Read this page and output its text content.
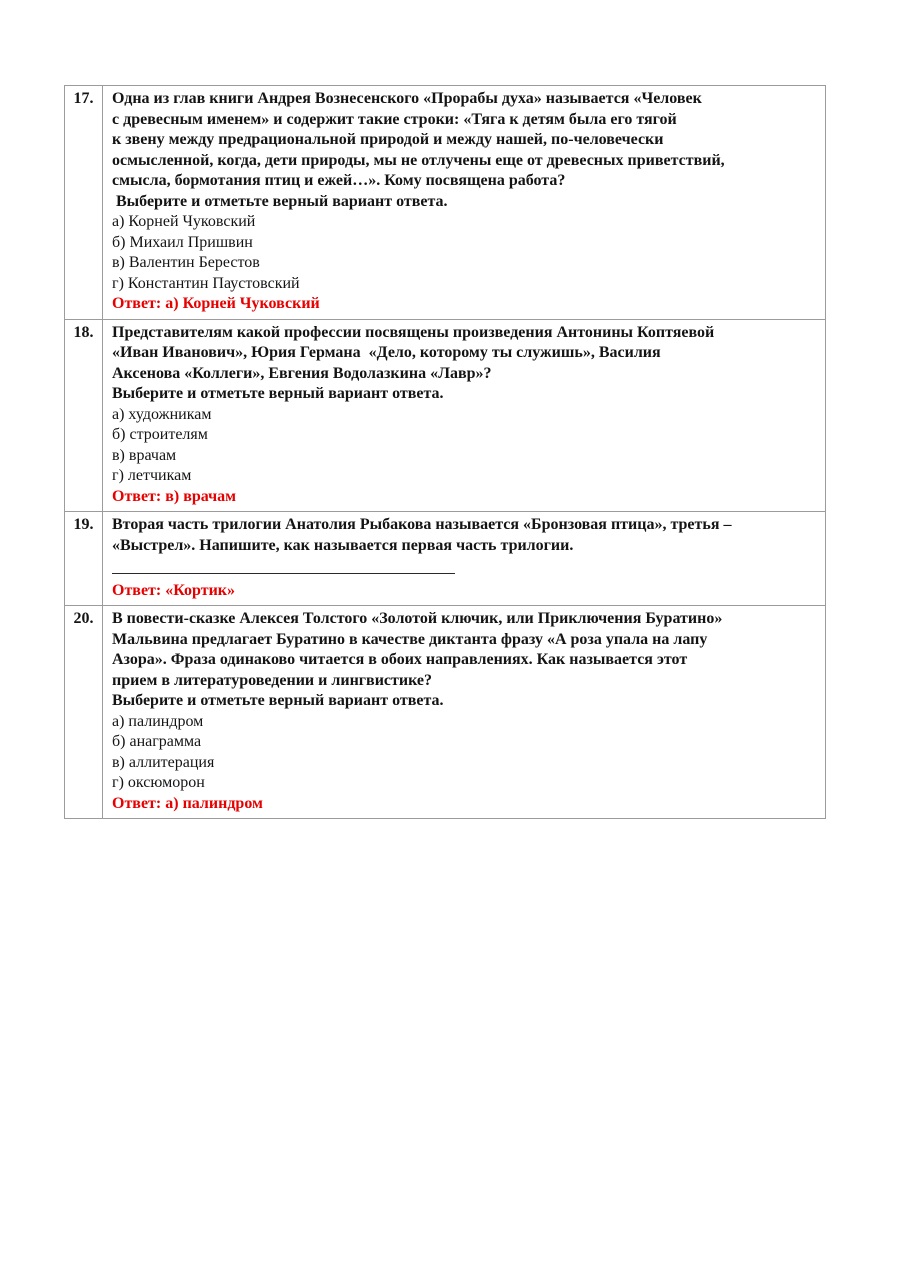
17.	Одна из глав книги Андрея Вознесенского «Прорабы духа» называется «Человек
с древесным именем» и содержит такие строки: «Тяга к детям была его тягой
к звену между предрациональной природой и между нашей, по-человечески
осмысленной, когда, дети природы, мы не отлучены еще от древесных приветствий,
смысла, бормотания птиц и ежей…». Кому посвящена работа?
Выберите и отметьте верный вариант ответа.
а) Корней Чуковский
б) Михаил Пришвин
в) Валентин Берестов
г) Константин Паустовский
Ответ: а) Корней Чуковский
18.	Представителям какой профессии посвящены произведения Антонины Коптяевой
«Иван Иванович», Юрия Германа  «Дело, которому ты служишь», Василия
Аксенова «Коллеги», Евгения Водолазкина «Лавр»?
Выберите и отметьте верный вариант ответа.
а) художникам
б) строителям
в) врачам
г) летчикам
Ответ: в) врачам
19.	Вторая часть трилогии Анатолия Рыбакова называется «Бронзовая птица», третья –
«Выстрел». Напишите, как называется первая часть трилогии.
Ответ: «Кортик»
20.	В повести-сказке Алексея Толстого «Золотой ключик, или Приключения Буратино»
Мальвина предлагает Буратино в качестве диктанта фразу «А роза упала на лапу
Азора». Фраза одинаково читается в обоих направлениях. Как называется этот
прием в литературоведении и лингвистике?
Выберите и отметьте верный вариант ответа.
а) палиндром
б) анаграмма
в) аллитерация
г) оксюморон
Ответ: а) палиндром
